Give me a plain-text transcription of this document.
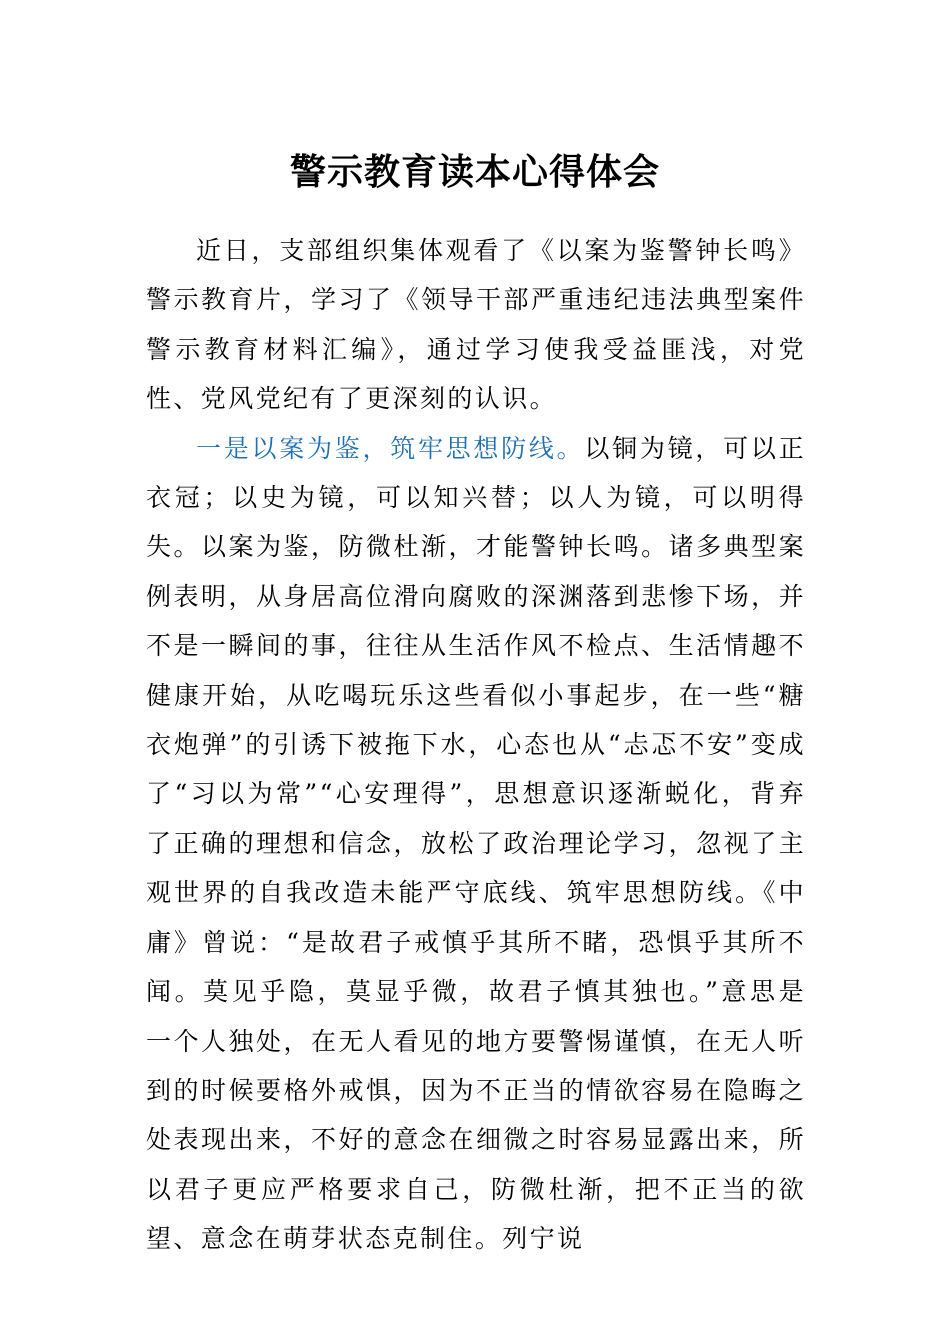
警示教育读本心得体会

近日，支部组织集体观看了《以案为鉴警钟长鸣》警示教育片，学习了《领导干部严重违纪违法典型案件警示教育材料汇编》，通过学习使我受益匪浅，对党性、党风党纪有了更深刻的认识。

一是以案为鉴，筑牢思想防线。以铜为镜，可以正衣冠；以史为镜，可以知兴替；以人为镜，可以明得失。以案为鉴，防微杜渐，才能警钟长鸣。诸多典型案例表明，从身居高位滑向腐败的深渊落到悲惨下场，并不是一瞬间的事，往往从生活作风不检点、生活情趣不健康开始，从吃喝玩乐这些看似小事起步，在一些“糖衣炮弹”的引诱下被拖下水，心态也从“忐忑不安”变成了“习以为常”“心安理得”，思想意识逐渐蜕化，背弃了正确的理想和信念，放松了政治理论学习，忽视了主观世界的自我改造未能严守底线、筑牢思想防线。《中庸》曾说：“是故君子戒慎乎其所不睹，恐惧乎其所不闻。莫见乎隐，莫显乎微，故君子慎其独也。”意思是一个人独处，在无人看见的地方要警惕谨慎，在无人听到的时候要格外戒惧，因为不正当的情欲容易在隐晦之处表现出来，不好的意念在细微之时容易显露出来，所以君子更应严格要求自己，防微杜渐，把不正当的欲望、意念在萌芽状态克制住。列宁说
